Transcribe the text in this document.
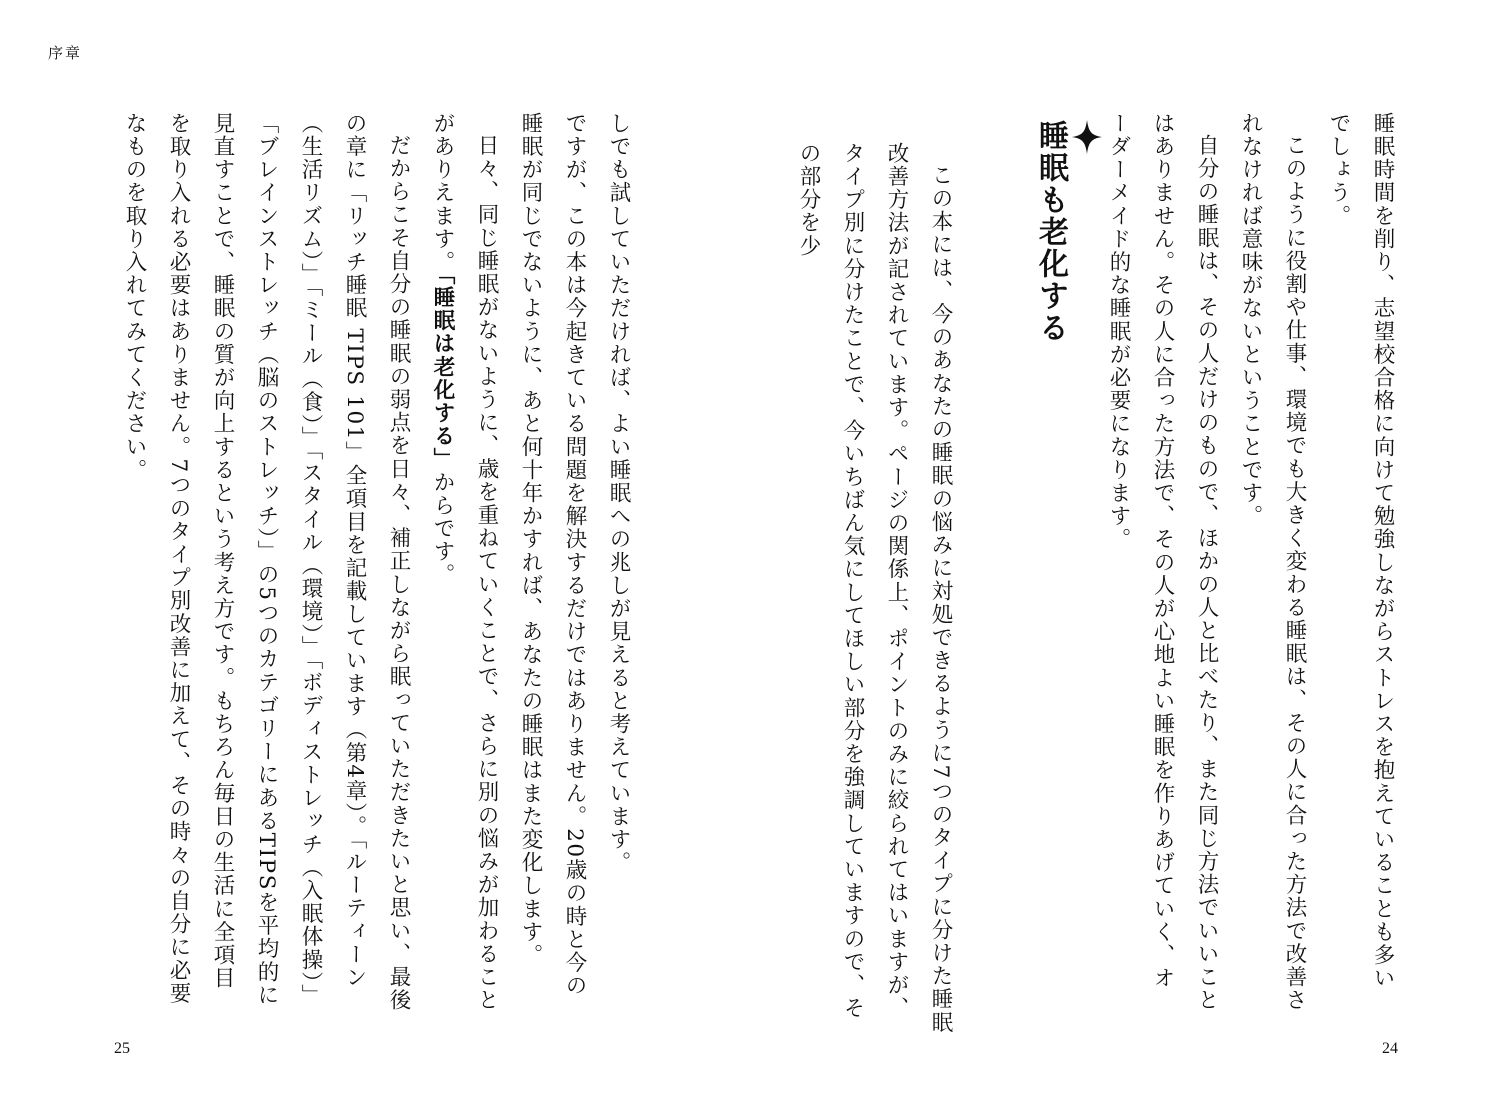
序章

しでも試していただければ、よい睡眠への兆しが見えると考えています。

ですが、この本は今起きている問題を解決するだけではありません。20歳の時と今の睡眠が同じでないように、あと何十年かすれば、あなたの睡眠はまた変化します。

日々、同じ睡眠がないように、歳を重ねていくことで、さらに別の悩みが加わることがありえます。「睡眠は老化する」からです。

だからこそ自分の睡眠の弱点を日々、補正しながら眠っていただきたいと思い、最後の章に「リッチ睡眠 TIPS 101」全項目を記載しています（第4章）。「ルーティーン（生活リズム）」「ミール（食）」「スタイル（環境）」「ボディストレッチ（入眠体操）」「ブレインストレッチ（脳のストレッチ）」の5つのカテゴリーにあるTIPSを平均的に見直すことで、睡眠の質が向上するという考え方です。もちろん毎日の生活に全項目を取り入れる必要はありません。7つのタイプ別改善に加えて、その時々の自分に必要なものを取り入れてみてください。

25

睡眠時間を削り、志望校合格に向けて勉強しながらストレスを抱えていることも多いでしょう。

このように役割や仕事、環境でも大きく変わる睡眠は、その人に合った方法で改善されなければ意味がないということです。

自分の睡眠は、その人だけのもので、ほかの人と比べたり、また同じ方法でいいことはありません。その人に合った方法で、その人が心地よい睡眠を作りあげていく、オーダーメイド的な睡眠が必要になります。

睡眠も老化する

この本には、今のあなたの睡眠の悩みに対処できるように7つのタイプに分けた睡眠改善方法が記されています。ページの関係上、ポイントのみに絞られてはいますが、タイプ別に分けたことで、今いちばん気にしてほしい部分を強調していますので、その部分を少

24
